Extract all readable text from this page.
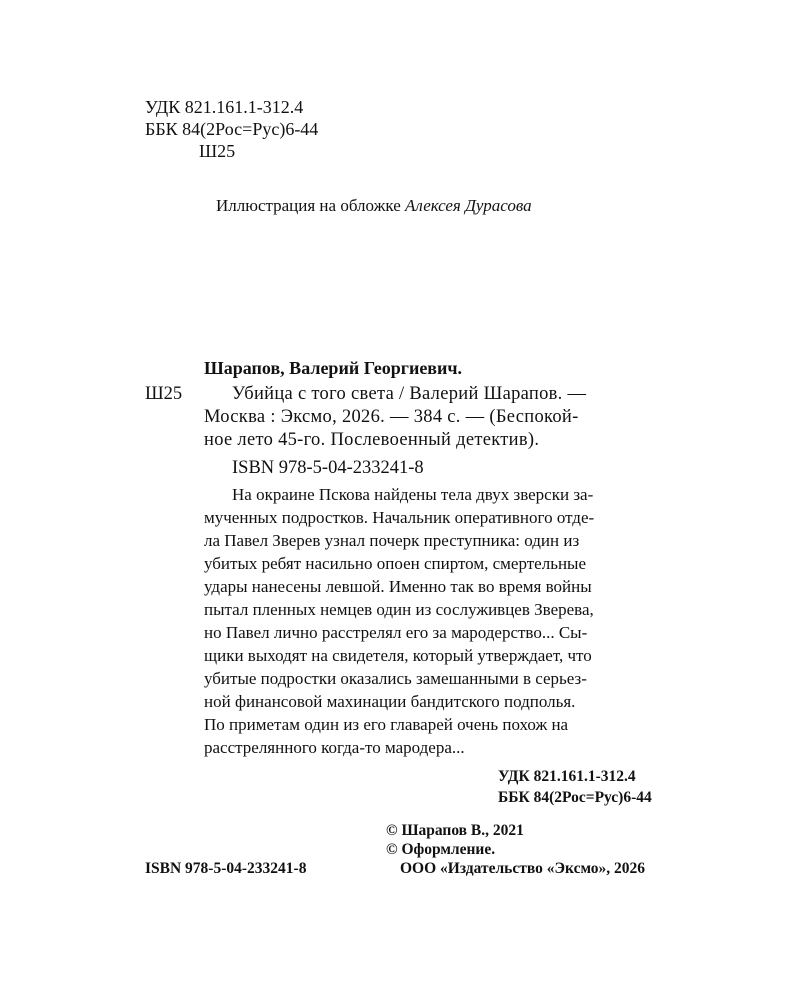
УДК 821.161.1-312.4
ББК 84(2Рос=Рус)6-44
Ш25
Иллюстрация на обложке Алексея Дурасова
Шарапов, Валерий Георгиевич.
Ш25	Убийца с того света / Валерий Шарапов. —
Москва : Эксмо, 2026. — 384 с. — (Беспокой-
ное лето 45-го. Послевоенный детектив).
ISBN 978-5-04-233241-8
На окраине Пскова найдены тела двух зверски за-
мученных подростков. Начальник оперативного отде-
ла Павел Зверев узнал почерк преступника: один из
убитых ребят насильно опоен спиртом, смертельные
удары нанесены левшой. Именно так во время войны
пытал пленных немцев один из сослуживцев Зверева,
но Павел лично расстрелял его за мародерство... Сы-
щики выходят на свидетеля, который утверждает, что
убитые подростки оказались замешанными в серьез-
ной финансовой махинации бандитского подполья.
По приметам один из его главарей очень похож на
расстрелянного когда-то мародера...
УДК 821.161.1-312.4
ББК 84(2Рос=Рус)6-44
© Шарапов В., 2021
© Оформление.
ISBN 978-5-04-233241-8	ООО «Издательство «Эксмо», 2026
